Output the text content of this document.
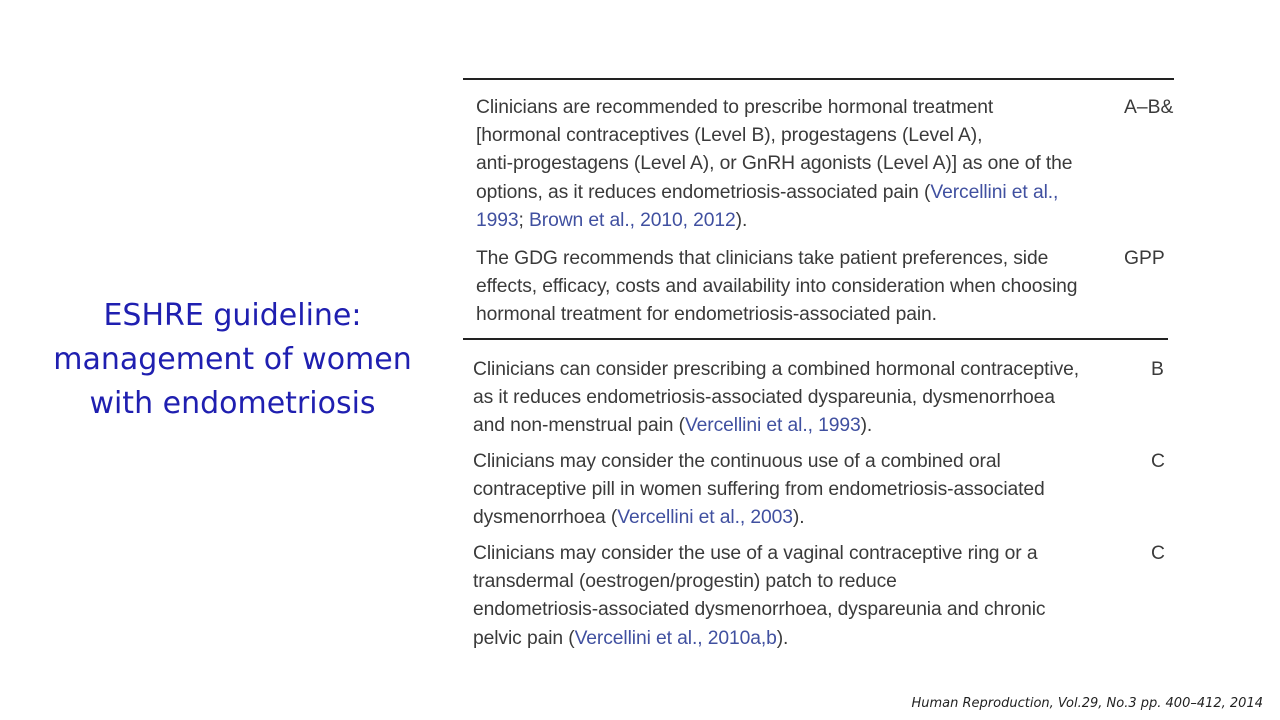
ESHRE guideline:
management of women
with endometriosis
Clinicians are recommended to prescribe hormonal treatment
[hormonal contraceptives (Level B), progestagens (Level A),
anti-progestagens (Level A), or GnRH agonists (Level A)] as one of the
options, as it reduces endometriosis-associated pain (Vercellini et al.,
1993; Brown et al., 2010, 2012).
A–B&
The GDG recommends that clinicians take patient preferences, side
effects, efficacy, costs and availability into consideration when choosing
hormonal treatment for endometriosis-associated pain.
GPP
Clinicians can consider prescribing a combined hormonal contraceptive,
as it reduces endometriosis-associated dyspareunia, dysmenorrhoea
and non-menstrual pain (Vercellini et al., 1993).
B
Clinicians may consider the continuous use of a combined oral
contraceptive pill in women suffering from endometriosis-associated
dysmenorrhoea (Vercellini et al., 2003).
C
Clinicians may consider the use of a vaginal contraceptive ring or a
transdermal (oestrogen/progestin) patch to reduce
endometriosis-associated dysmenorrhoea, dyspareunia and chronic
pelvic pain (Vercellini et al., 2010a,b).
C
Human Reproduction, Vol.29, No.3 pp. 400–412, 2014
